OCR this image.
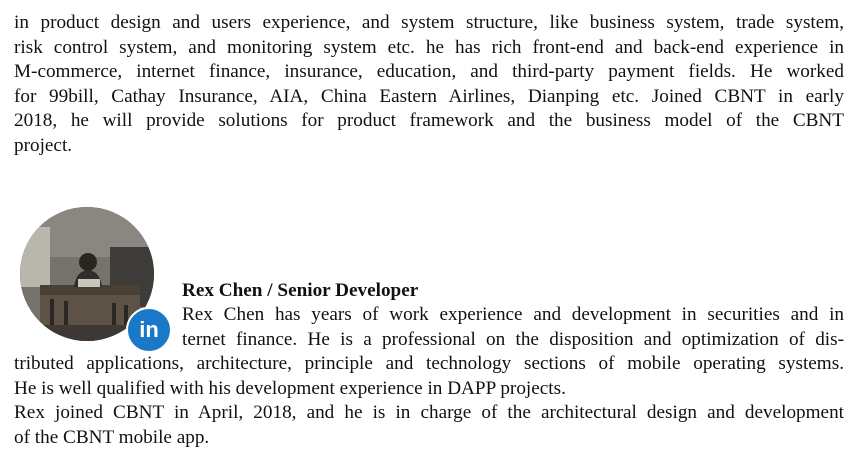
in product design and users experience, and system structure, like business system, trade system,
risk control system, and monitoring system etc. he has rich front-end and back-end experience in
M-commerce, internet finance, insurance, education, and third-party payment fields. He worked
for 99bill, Cathay Insurance, AIA, China Eastern Airlines, Dianping etc. Joined CBNT in early
2018, he will provide solutions for product framework and the business model of the CBNT
project.
in
Rex Chen / Senior Developer
Rex Chen has years of work experience and development in securities and in
ternet finance. He is a professional on the disposition and optimization of dis-
tributed applications, architecture, principle and technology sections of mobile operating systems.
He is well qualified with his development experience in DAPP projects.
Rex joined CBNT in April, 2018, and he is in charge of the architectural design and development
of the CBNT mobile app.
